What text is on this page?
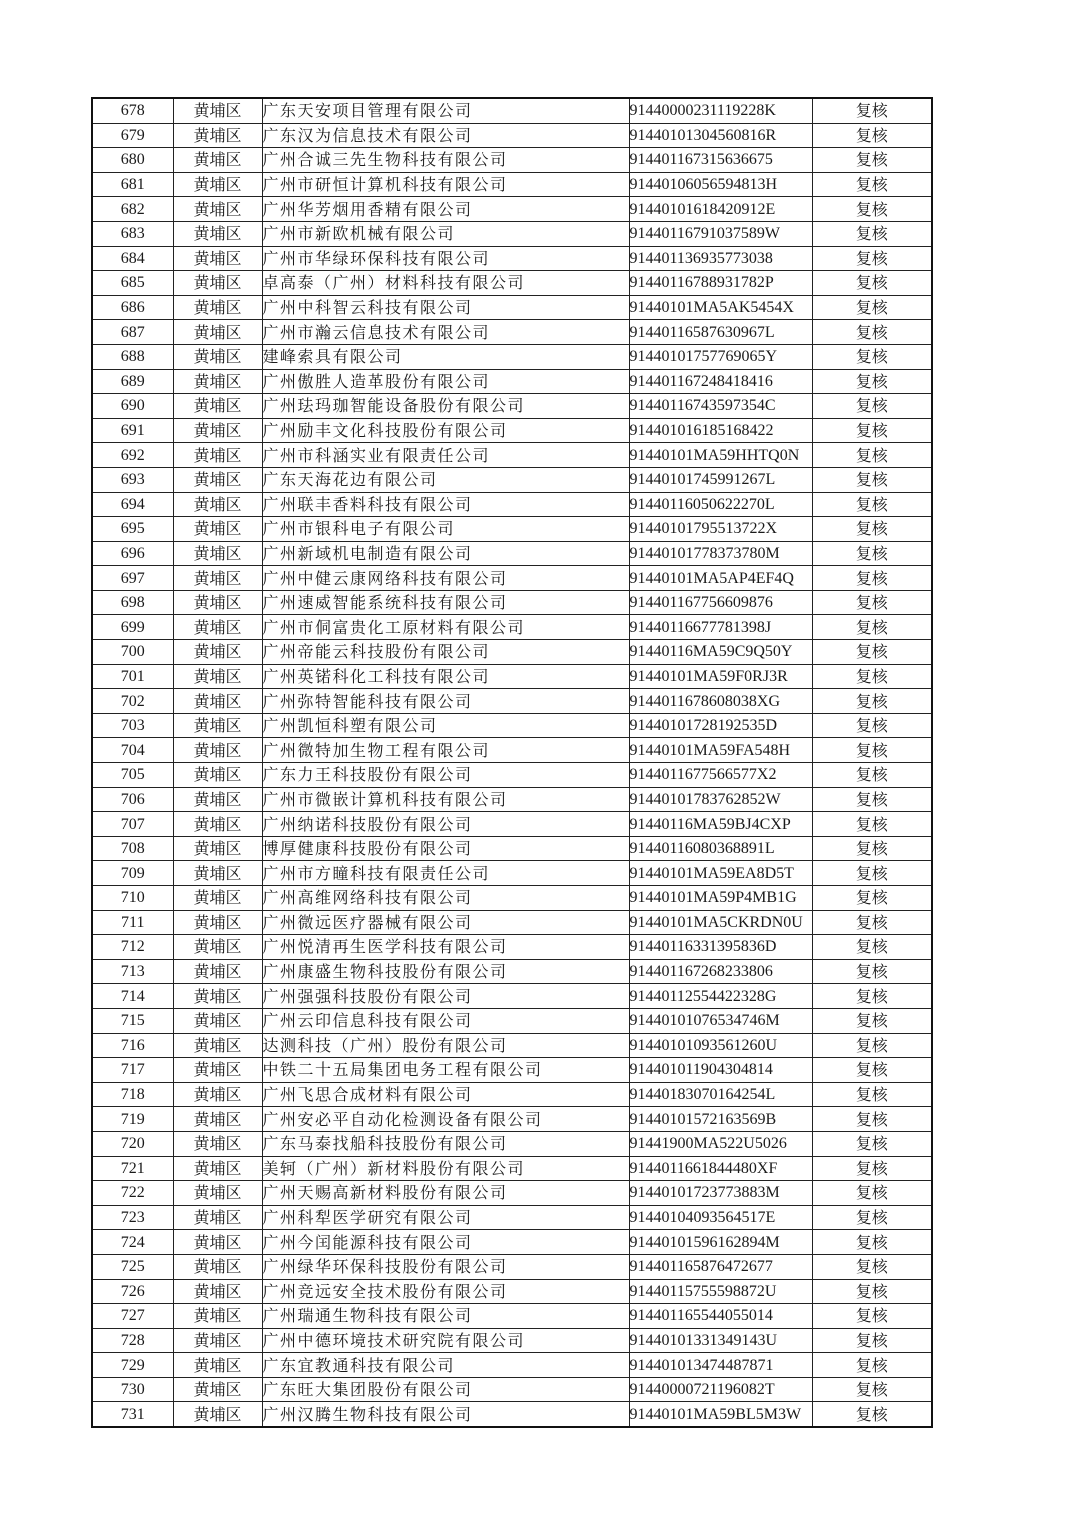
678	黄埔区	广东天安项目管理有限公司	91440000231119228K	复核
679	黄埔区	广东汉为信息技术有限公司	91440101304560816R	复核
680	黄埔区	广州合诚三先生物科技有限公司	914401167315636675	复核
681	黄埔区	广州市研恒计算机科技有限公司	91440106056594813H	复核
682	黄埔区	广州华芳烟用香精有限公司	91440101618420912E	复核
683	黄埔区	广州市新欧机械有限公司	91440116791037589W	复核
684	黄埔区	广州市华绿环保科技有限公司	914401136935773038	复核
685	黄埔区	卓高泰（广州）材料科技有限公司	91440116788931782P	复核
686	黄埔区	广州中科智云科技有限公司	91440101MA5AK5454X	复核
687	黄埔区	广州市瀚云信息技术有限公司	91440116587630967L	复核
688	黄埔区	建峰索具有限公司	91440101757769065Y	复核
689	黄埔区	广州傲胜人造革股份有限公司	914401167248418416	复核
690	黄埔区	广州珐玛珈智能设备股份有限公司	91440116743597354C	复核
691	黄埔区	广州励丰文化科技股份有限公司	914401016185168422	复核
692	黄埔区	广州市科涵实业有限责任公司	91440101MA59HHTQ0N	复核
693	黄埔区	广东天海花边有限公司	91440101745991267L	复核
694	黄埔区	广州联丰香料科技有限公司	91440116050622270L	复核
695	黄埔区	广州市银科电子有限公司	91440101795513722X	复核
696	黄埔区	广州新域机电制造有限公司	91440101778373780M	复核
697	黄埔区	广州中健云康网络科技有限公司	91440101MA5AP4EF4Q	复核
698	黄埔区	广州速威智能系统科技有限公司	914401167756609876	复核
699	黄埔区	广州市侗富贵化工原材料有限公司	91440116677781398J	复核
700	黄埔区	广州帝能云科技股份有限公司	91440116MA59C9Q50Y	复核
701	黄埔区	广州英锘科化工科技有限公司	91440101MA59F0RJ3R	复核
702	黄埔区	广州弥特智能科技有限公司	9144011678608038XG	复核
703	黄埔区	广州凯恒科塑有限公司	91440101728192535D	复核
704	黄埔区	广州微特加生物工程有限公司	91440101MA59FA548H	复核
705	黄埔区	广东力王科技股份有限公司	9144011677566577X2	复核
706	黄埔区	广州市微嵌计算机科技有限公司	91440101783762852W	复核
707	黄埔区	广州纳诺科技股份有限公司	91440116MA59BJ4CXP	复核
708	黄埔区	博厚健康科技股份有限公司	91440116080368891L	复核
709	黄埔区	广州市方瞳科技有限责任公司	91440101MA59EA8D5T	复核
710	黄埔区	广州高维网络科技有限公司	91440101MA59P4MB1G	复核
711	黄埔区	广州微远医疗器械有限公司	91440101MA5CKRDN0U	复核
712	黄埔区	广州悦清再生医学科技有限公司	91440116331395836D	复核
713	黄埔区	广州康盛生物科技股份有限公司	914401167268233806	复核
714	黄埔区	广州强强科技股份有限公司	91440112554422328G	复核
715	黄埔区	广州云印信息科技有限公司	91440101076534746M	复核
716	黄埔区	达测科技（广州）股份有限公司	91440101093561260U	复核
717	黄埔区	中铁二十五局集团电务工程有限公司	914401011904304814	复核
718	黄埔区	广州飞思合成材料有限公司	91440183070164254L	复核
719	黄埔区	广州安必平自动化检测设备有限公司	91440101572163569B	复核
720	黄埔区	广东马泰找船科技股份有限公司	91441900MA522U5026	复核
721	黄埔区	美轲（广州）新材料股份有限公司	9144011661844480XF	复核
722	黄埔区	广州天赐高新材料股份有限公司	91440101723773883M	复核
723	黄埔区	广州科犁医学研究有限公司	91440104093564517E	复核
724	黄埔区	广州今闰能源科技有限公司	91440101596162894M	复核
725	黄埔区	广州绿华环保科技股份有限公司	914401165876472677	复核
726	黄埔区	广州竞远安全技术股份有限公司	91440115755598872U	复核
727	黄埔区	广州瑞通生物科技有限公司	914401165544055014	复核
728	黄埔区	广州中德环境技术研究院有限公司	91440101331349143U	复核
729	黄埔区	广东宜教通科技有限公司	914401013474487871	复核
730	黄埔区	广东旺大集团股份有限公司	91440000721196082T	复核
731	黄埔区	广州汉腾生物科技有限公司	91440101MA59BL5M3W	复核
